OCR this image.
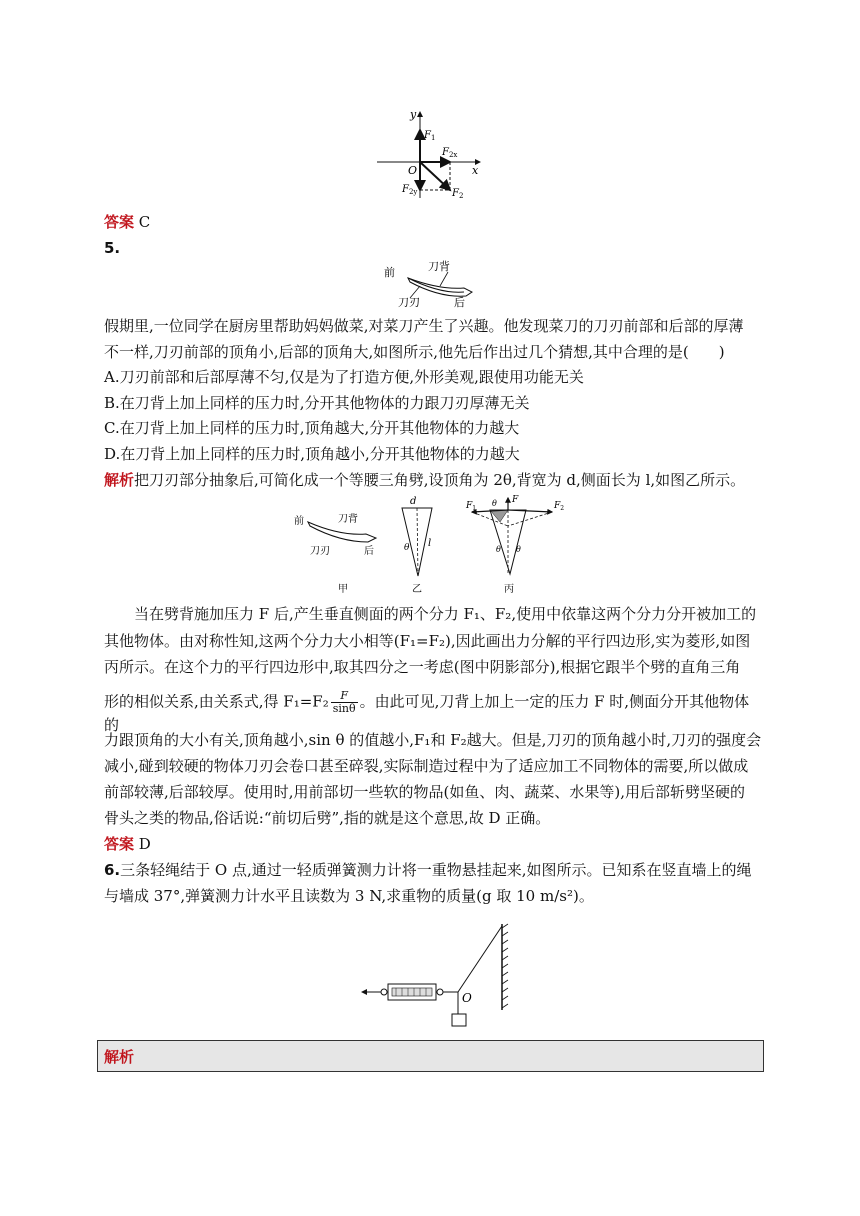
y
x
O
$F_1$
$F_{2x}$
$F_{2y}$	$F_2$
答案 C
5.
前	刀背
刀刃	后
假期里,一位同学在厨房里帮助妈妈做菜,对菜刀产生了兴趣。他发现菜刀的刀刃前部和后部的厚薄
不一样,刀刃前部的顶角小,后部的顶角大,如图所示,他先后作出过几个猜想,其中合理的是(　　)
A.刀刃前部和后部厚薄不匀,仅是为了打造方便,外形美观,跟使用功能无关
B.在刀背上加上同样的压力时,分开其他物体的力跟刀刃厚薄无关
C.在刀背上加上同样的压力时,顶角越大,分开其他物体的力越大
D.在刀背上加上同样的压力时,顶角越小,分开其他物体的力越大
解析把刀刃部分抽象后,可简化成一个等腰三角劈,设顶角为 2θ,背宽为 d,侧面长为 l,如图乙所示。
前	刀背
刀刃	后
甲
d
l
θ
乙
$F_1$
F
$F_2$
θ
θ θ
丙
当在劈背施加压力 F 后,产生垂直侧面的两个分力 F₁、F₂,使用中依靠这两个分力分开被加工的
其他物体。由对称性知,这两个分力大小相等(F₁=F₂),因此画出力分解的平行四边形,实为菱形,如图
丙所示。在这个力的平行四边形中,取其四分之一考虑(图中阴影部分),根据它跟半个劈的直角三角
形的相似关系,由关系式,得 $F_1=F_2 \frac{F}{\sin\theta}$ 。由此可见,刀背上加上一定的压力 F 时,侧面分开其他物体的
力跟顶角的大小有关,顶角越小,sin θ 的值越小,F₁和 F₂越大。但是,刀刃的顶角越小时,刀刃的强度会
减小,碰到较硬的物体刀刃会卷口甚至碎裂,实际制造过程中为了适应加工不同物体的需要,所以做成
前部较薄,后部较厚。使用时,用前部切一些软的物品(如鱼、肉、蔬菜、水果等),用后部斩劈坚硬的
骨头之类的物品,俗话说:“前切后劈”,指的就是这个意思,故 D 正确。
答案 D
6.三条轻绳结于 O 点,通过一轻质弹簧测力计将一重物悬挂起来,如图所示。已知系在竖直墙上的绳
与墙成 37°,弹簧测力计水平且读数为 3 N,求重物的质量(g 取 10 m/s²)。
O
解析
